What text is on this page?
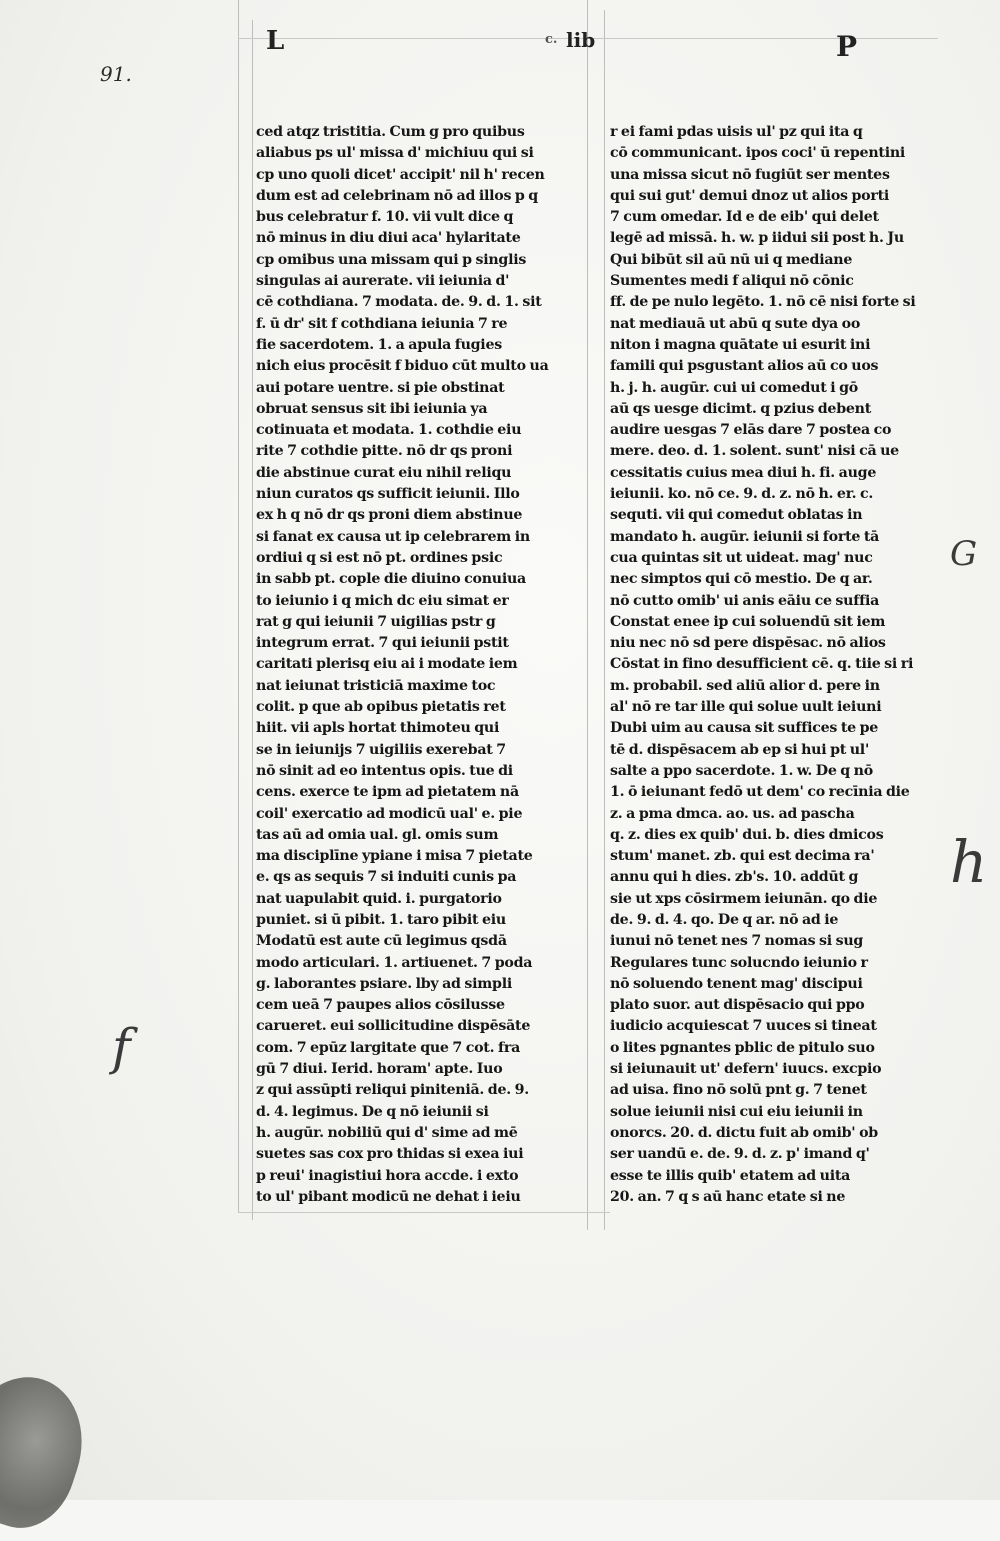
91.
L	c. lib	P
ced atqz tristitia. Cum g pro quibus
aliabus ps ul' missa d' michiuu qui si
cp uno quoli dicet' accipit' nil h' recen
dum est ad celebrinam nō ad illos p q
bus celebratur f. 10. vii vult dice q
nō minus in diu diui aca' hylaritate
cp omibus una missam qui p singlis
singulas ai aurerate. vii ieiunia d'
cē cothdiana. 7 modata. de. 9. d. 1. sit
f. ū dr' sit f cothdiana ieiunia 7 re
fie sacerdotem. 1. a apula fugies
nich eius procēsit f biduo cūt multo ua
aui potare uentre. si pie obstinat
obruat sensus sit ibi ieiunia ya
cotinuata et modata. 1. cothdie eiu
rite 7 cothdie pitte. nō dr qs proni
die abstinue curat eiu nihil reliqu
niun curatos qs sufficit ieiunii. Illo
ex h q nō dr qs proni diem abstinue
si fanat ex causa ut ip celebrarem in
ordiui q si est nō pt. ordines psic
in sabb pt. cople die diuino conuiua
to ieiunio i q mich dc eiu simat er
rat g qui ieiunii 7 uigilias pstr g
integrum errat. 7 qui ieiunii pstit
caritati plerisq eiu ai i modate iem
nat ieiunat tristiciā maxime toc
colit. p que ab opibus pietatis ret
hiit. vii apls hortat thimoteu qui
se in ieiunijs 7 uigiliis exerebat 7
nō sinit ad eo intentus opis. tue di
cens. exerce te ipm ad pietatem nā
coil' exercatio ad modicū ual' e. pie
tas aū ad omia ual. gl. omis sum
ma disciplīne ypiane i misa 7 pietate
e. qs as sequis 7 si induiti cunis pa
nat uapulabit quid. i. purgatorio
puniet. si ū pibit. 1. taro pibit eiu
Modatū est aute cū legimus qsdā
modo articulari. 1. artiuenet. 7 poda
g. laborantes psiare. lby ad simpli
cem ueā 7 paupes alios cōsilusse
carueret. eui sollicitudine dispēsāte
com. 7 epūz largitate que 7 cot. fra
gū 7 diui. Ierid. horam' apte. Iuo
z qui assūpti reliqui piniteniā. de. 9.
d. 4. legimus. De q nō ieiunii si
h. augūr. nobiliū qui d' sime ad mē
suetes sas cox pro thidas si exea iui
p reui' inagistiui hora accde. i exto
to ul' pibant modicū ne dehat i ieiu
r ei fami pdas uisis ul' pz qui ita q
cō communicant. ipos coci' ū repentini
una missa sicut nō fugiūt ser mentes
qui sui gut' demui dnoz ut alios porti
7 cum omedar. Id e de eib' qui delet
legē ad missā. h. w. p iidui sii post h. Ju
Qui bibūt sil aū nū ui q mediane
Sumentes medi f aliqui nō cōnic
ff. de pe nulo legēto. 1. nō cē nisi forte si
nat mediauā ut abū q sute dya oo
niton i magna quātate ui esurit ini
famili qui psgustant alios aū co uos
h. j. h. augūr. cui ui comedut i gō
aū qs uesge dicimt. q pzius debent
audire uesgas 7 elās dare 7 postea co
mere. deo. d. 1. solent. sunt' nisi cā ue
cessitatis cuius mea diui h. fi. auge
ieiunii. ko. nō ce. 9. d. z. nō h. er. c.
sequti. vii qui comedut oblatas in
mandato h. augūr. ieiunii si forte tā
cua quintas sit ut uideat. mag' nuc
nec simptos qui cō mestio. De q ar.
nō cutto omib' ui anis eāiu ce suffia
Constat enee ip cui soluendū sit iem
niu nec nō sd pere dispēsac. nō alios
Cōstat in fino desufficient cē. q. tiie si ri
m. probabil. sed aliū alior d. pere in
al' nō re tar ille qui solue uult ieiuni
Dubi uim au causa sit suffices te pe
tē d. dispēsacem ab ep si hui pt ul'
salte a ppo sacerdote. 1. w. De q nō
1. ō ieiunant fedō ut dem' co recīnia die
z. a pma dmca. ao. us. ad pascha
q. z. dies ex quib' dui. b. dies dmicos
stum' manet. zb. qui est decima ra'
annu qui h dies. zb's. 10. addūt g
sie ut xps cōsirmem ieiunān. qo die
de. 9. d. 4. qo. De q ar. nō ad ie
iunui nō tenet nes 7 nomas si sug
Regulares tunc solucndo ieiunio r
nō soluendo tenent mag' discipui
plato suor. aut dispēsacio qui ppo
iudicio acquiescat 7 uuces si tineat
o lites pgnantes pblic de pitulo suo
si ieiunauit ut' defern' iuucs. excpio
ad uisa. fino nō solū pnt g. 7 tenet
solue ieiunii nisi cui eiu ieiunii in
onorcs. 20. d. dictu fuit ab omib' ob
ser uandū e. de. 9. d. z. p' imand q'
esse te illis quib' etatem ad uita
20. an. 7 q s aū hanc etate si ne
f
G
h
